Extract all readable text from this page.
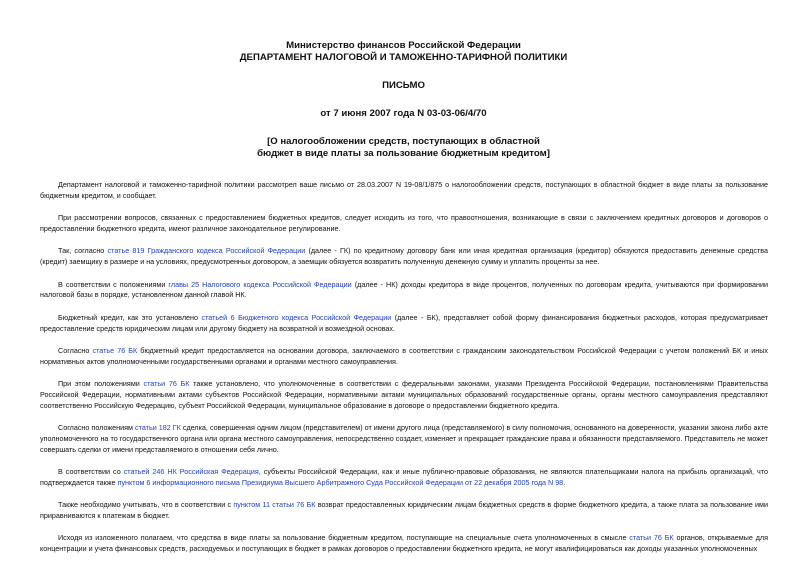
Министерство финансов Российской Федерации
ДЕПАРТАМЕНТ НАЛОГОВОЙ И ТАМОЖЕННО-ТАРИФНОЙ ПОЛИТИКИ
ПИСЬМО
от 7 июня 2007 года N 03-03-06/4/70
[О налогообложении средств, поступающих в областной
бюджет в виде платы за пользование бюджетным кредитом]

Департамент налоговой и таможенно-тарифной политики рассмотрел ваше письмо от 28.03.2007 N 19-08/1/875 о налогообложении средств, поступающих в областной бюджет в виде платы за пользование бюджетным кредитом, и сообщает.

При рассмотрении вопросов, связанных с предоставлением бюджетных кредитов, следует исходить из того, что правоотношения, возникающие в связи с заключением кредитных договоров и договоров о предоставлении бюджетного кредита, имеют различное законодательное регулирование.

Так, согласно статье 819 Гражданского кодекса Российской Федерации (далее - ГК) по кредитному договору банк или иная кредитная организация (кредитор) обязуются предоставить денежные средства (кредит) заемщику в размере и на условиях, предусмотренных договором, а заемщик обязуется возвратить полученную денежную сумму и уплатить проценты за нее.

В соответствии с положениями главы 25 Налогового кодекса Российской Федерации (далее - НК) доходы кредитора в виде процентов, полученных по договорам кредита, учитываются при формировании налоговой базы в порядке, установленном данной главой НК.

Бюджетный кредит, как это установлено статьей 6 Бюджетного кодекса Российской Федерации (далее - БК), представляет собой форму финансирования бюджетных расходов, которая предусматривает предоставление средств юридическим лицам или другому бюджету на возвратной и возмездной основах.

Согласно статье 76 БК бюджетный кредит предоставляется на основании договора, заключаемого в соответствии с гражданским законодательством Российской Федерации с учетом положений БК и иных нормативных актов уполномоченными государственными органами и органами местного самоуправления.

При этом положениями статьи 76 БК также установлено, что уполномоченные в соответствии с федеральными законами, указами Президента Российской Федерации, постановлениями Правительства Российской Федерации, нормативными актами субъектов Российской Федерации, нормативными актами муниципальных образований государственные органы, органы местного самоуправления представляют соответственно Российскую Федерацию, субъект Российской Федерации, муниципальное образование в договоре о предоставлении бюджетного кредита.

Согласно положениям статьи 182 ГК сделка, совершенная одним лицом (представителем) от имени другого лица (представляемого) в силу полномочия, основанного на доверенности, указании закона либо акте уполномоченного на то государственного органа или органа местного самоуправления, непосредственно создает, изменяет и прекращает гражданские права и обязанности представляемого. Представитель не может совершать сделки от имени представляемого в отношении себя лично.

В соответствии со статьей 246 НК Российская Федерация, субъекты Российской Федерации, как и иные публично-правовые образования, не являются плательщиками налога на прибыль организаций, что подтверждается также пунктом 6 информационного письма Президиума Высшего Арбитражного Суда Российской Федерации от 22 декабря 2005 года N 98.

Также необходимо учитывать, что в соответствии с пунктом 11 статьи 76 БК возврат предоставленных юридическим лицам бюджетных средств в форме бюджетного кредита, а также плата за пользование ими приравниваются к платежам в бюджет.

Исходя из изложенного полагаем, что средства в виде платы за пользование бюджетным кредитом, поступающие на специальные счета уполномоченных в смысле статьи 76 БК органов, открываемые для концентрации и учета финансовых средств, расходуемых и поступающих в бюджет в рамках договоров о предоставлении бюджетного кредита, не могут квалифицироваться как доходы указанных уполномоченных
